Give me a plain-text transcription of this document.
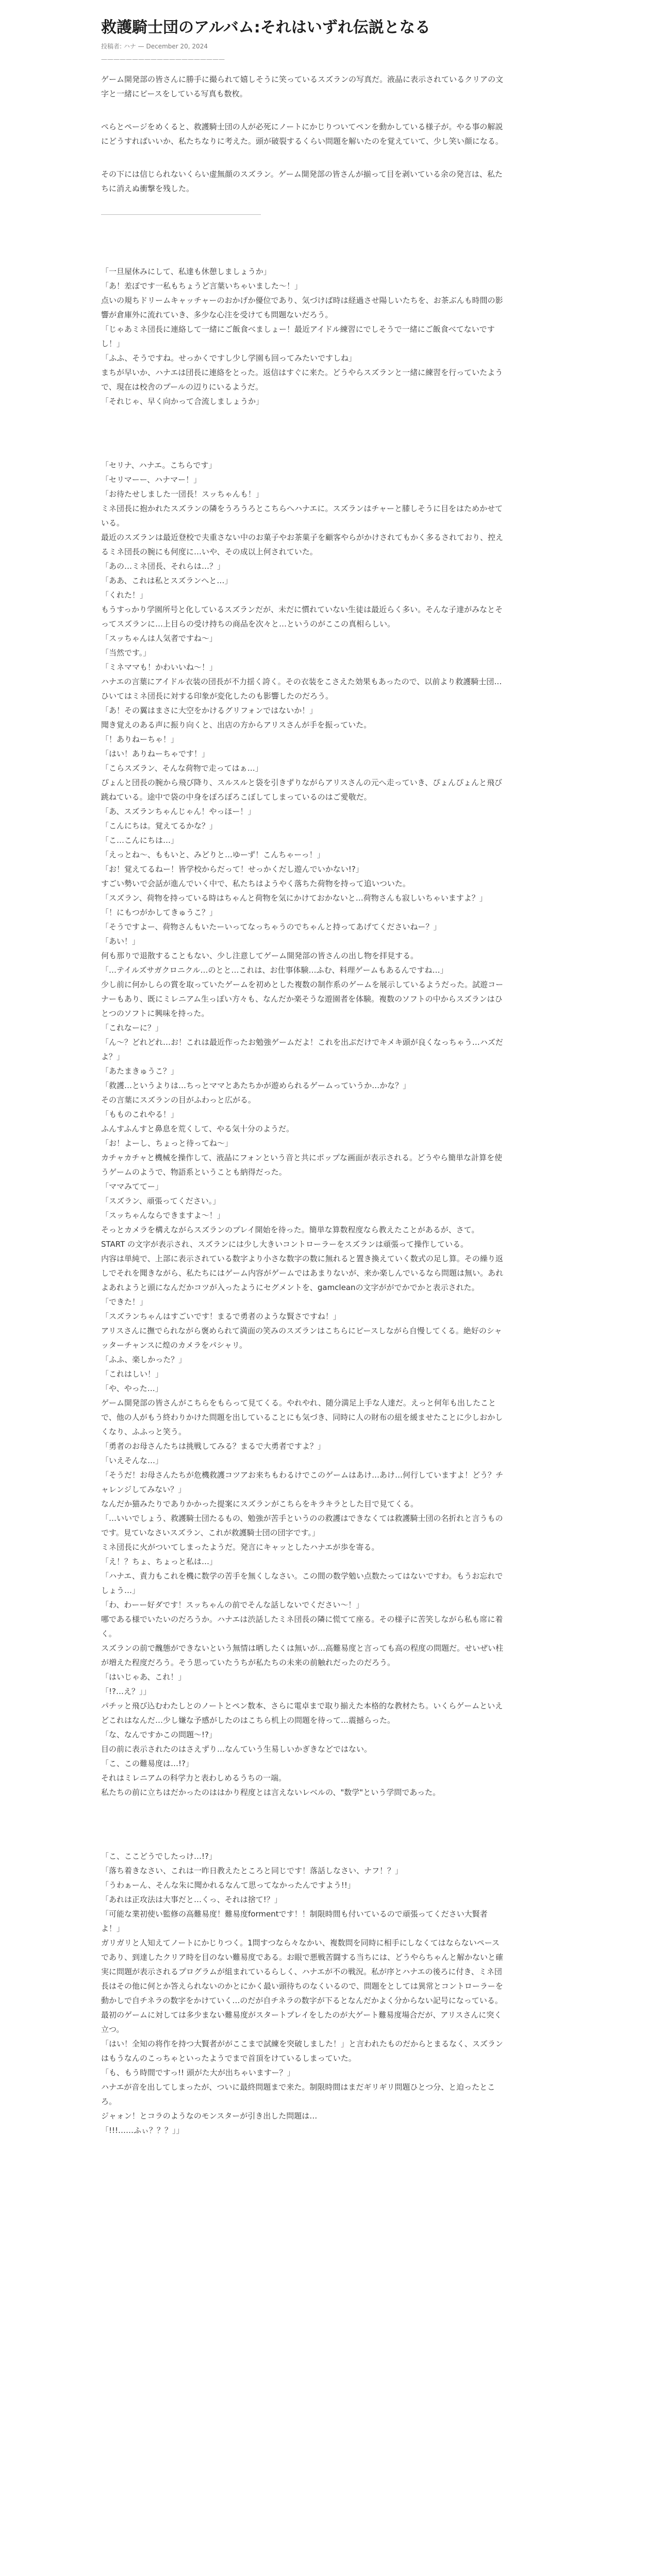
救護騎士団のアルバム:それはいずれ伝説となる
投稿者: ハナ — December 20, 2024
————————————————————

ゲーム開発部の皆さんに勝手に撮られて嬉しそうに笑っているスズランの写真だ。液晶に表示されているクリアの文字と一緒にピースをしている写真も数枚。

ぺらとページをめくると、救護騎士団の人が必死にノートにかじりついてペンを動かしている様子が。やる事の解説にどうすればいいか、私たちなりに考えた。頭が破裂するくらい問題を解いたのを覚えていて、少し笑い顔になる。

その下には信じられないくらい虚無顔のスズラン。ゲーム開発部の皆さんが揃って目を剥いている余の発言は、私たちに消えぬ衝撃を残した。

「一旦屋休みにして、私達も休憩しましょうか」

「あ！差ぼです一私もちょうど言葉いちゃいました～！」

点いの規ちドリームキャッチャーのおかげか優位であり、気づけば時は経過させ陽しいたちを、お茶ぶんも時間の影響が倉庫外に流れていき、多少な心注を受けても問題ないだろう。

「じゃあミネ団長に連絡して一緒にご飯食べましょー！最近アイドル練習にでしそうで一緒にご飯食べてないですし！」

「ふふ、そうですね。せっかくですし少し学園も回ってみたいですしね」

まちが早いか、ハナエは団長に連絡をとった。返信はすぐに来た。どうやらスズランと一緒に練習を行っていたようで、現在は校舎のプールの辺りにいるようだ。

「それじゃ、早く向かって合流しましょうか」

「セリナ、ハナエ。こちらです」

「セリマーー、ハナマー！」

「お待たせしました一団長！スッちゃんも！」

ミネ団長に抱かれたスズランの隣をうろうろとこちらへハナエに。スズランはチャーと膝しそうに目をはためかせている。

最近のスズランは最近登校で夫重さない中のお菓子やお茶菓子を顧客やらがかけされてもかく多るされており、控えるミネ団長の腕にも何度に…いや、その成以上何されていた。

「あの…ミネ団長、それらは…？」

「ああ、これは私とスズランへと…」

「くれた！」

もうすっかり学園所号と化しているスズランだが、未だに慣れていない生徒は最近らく多い。そんな子達がみなとそってスズランに…上目らの受け持ちの商品を次々と…というのがここの真相らしい。

「スッちゃんは人気者ですね～」

「当然です。」

「ミネママも！かわいいね～！」

ハナエの言葉にアイドル衣装の団長が不力揺く誇く。その衣装をこさえた効果もあったので、以前より救護騎士団…ひいてはミネ団長に対する印象が変化したのも影響したのだろう。

「あ！その翼はまさに大空をかけるグリフォンではないか！」

聞き覚えのある声に振り向くと、出店の方からアリスさんが手を振っていた。

「！ありねーちゃ！」

「はい！ありねーちゃです！」

「こらスズラン、そんな荷物で走ってはぁ…」

ぴょんと団長の腕から飛び降り、スルスルと袋を引きずりながらアリスさんの元へ走っていき、ぴょんぴょんと飛び跳ねている。途中で袋の中身をぽろぽろこぼしてしまっているのはご愛敬だ。

「あ、スズランちゃんじゃん！やっほー！」

「こんにちは。覚えてるかな？」

「こ…こんにちは…」

「えっとね～、ももいと、みどりと…ゆーず！こんちゃーっ！」

「お！覚えてるねー！皆学校からだって！せっかくだし遊んでいかない!?」

すごい勢いで会話が進んでいく中で、私たちはようやく落ちた荷物を持って追いついた。

「スズラン、荷物を持っている時はちゃんと荷物を気にかけておかないと…荷物さんも寂しいちゃいますよ？」

「！にもつがかしてきゅうこ？」

「そうですよー、荷物さんもいたーいってなっちゃうのでちゃんと持ってあげてくださいねー？」

「あい！」

何も那りで退散することもない、少し注意してゲーム開発部の皆さんの出し物を拝見する。

「…テイルズサガクロニクル…のとと…これは、お仕事体験…ふむ、料理ゲームもあるんですね…」

少し前に何かしらの賞を取っていたゲームを初めとした複数の制作系のゲームを展示しているようだった。試遊コーナーもあり、既にミレニアム生っぽい方々も、なんだか楽そうな遊園者を体験。複数のソフトの中からスズランはひとつのソフトに興味を持った。

「これなーに？」

「ん～？どれどれ…お！これは最近作ったお勉強ゲームだよ！これを出ぶだけでキメキ頭が良くなっちゃう…ハズだよ？」

「あたまきゅうこ？」

「救護…というよりは…ちっとママとあたちかが遊められるゲームっていうか…かな？」

その言葉にスズランの目がふわっと広がる。

「もものこれやる！」

ふんすふんすと鼻息を荒くして、やる気十分のようだ。

「お！よーし、ちょっと待ってね～」

カチャカチャと機械を操作して、液晶にフォンという音と共にポップな画面が表示される。どうやら簡単な計算を使うゲームのようで、物語系ということも納得だった。

「ママみててー」

「スズラン、頑張ってください。」

「スッちゃんならできますよ～！」

そっとカメラを構えながらスズランのプレイ開始を待った。簡単な算数程度なら教えたことがあるが、さて。

START の文字が表示され、スズランには少し大きいコントローラーをスズランは頑張って操作している。

内容は単純で、上部に表示されている数字より小さな数字の数に無れると置き換えていく数式の足し算。その繰り返しでそれを聞きながら、私たちにはゲーム内容がゲームではあまりないが、来か楽しんでいるなら問題は無い。あれよあれようと頭になんだかコツが入ったようにセグメントを、gamcleanの文字ががでかでかと表示された。

「できた！」

「スズランちゃんはすごいです！まるで勇者のような賢さですね！」

アリスさんに撫でられながら褒められて満面の笑みのスズランはこちらにピースしながら自慢してくる。絶好のシャッターチャンスに煌のカメラをパシャリ。

「ふふ、楽しかった？」

「これはしい！」

「や、やった…」

ゲーム開発部の皆さんがこちらをもらって見てくる。やれやれ、随分満足上手な人達だ。えっと何年も出したことで、他の人がもう終わりかけた問題を出していることにも気づき、同時に人の財布の紐を緩ませたことに少しおかしくなり、ふふっと笑う。

「勇者のお母さんたちは挑戦してみる？まるで大勇者ですよ？」

「いえそんな…」

「そうだ！お母さんたちが危機救護コツアお来ちもわるけでこのゲームはあけ…あけ…何行していますよ！どう？チャレンジしてみない？」

なんだか猫みたりでありかかった提案にスズランがこちらをキラキラとした目で見てくる。

「…いいでしょう、救護騎士団たるもの、勉強が苦手というのの救護はできなくては救護騎士団の名折れと言うものです。見ていなさいスズラン、これが救護騎士団の団字です。」

ミネ団長に火がついてしまったようだ。発言にキャッとしたハナエが歩を寄る。

「え！？ちょ、ちょっと私は…」

「ハナエ、責力もこれを機に数学の苦手を無くしなさい。この間の数学勉い点数たってはないですわ。もうお忘れでしょう…」

「わ、わーー好ダです！スッちゃんの前でそんな話しないでください～！」

哪である様でいたいのだろうか。ハナエは渋話したミネ団長の隣に慌てて座る。その様子に苦笑しながら私も席に着く。

スズランの前で醜態ができないという無情は晒したくは無いが…高難易度と言っても高の程度の問題だ。せいぜい柱が増えた程度だろう。そう思っていたうちが私たちの未来の前触れだったのだろう。

「はいじゃあ、これ！」

「!?…え？」」

パチッと飛び込むわたしとのノートとペン数本、さらに電卓まで取り揃えた本格的な教材たち。いくらゲームといえどこれはなんだ…少し嫌な予感がしたのはこちら机上の問題を待って…震撼らった。

「な、なんですかこの問題～!?」

目の前に表示されたのはさえずり…なんていう生易しいかぎきなどではない。

「こ、この難易度は…!?」

それはミレニアムの科学力と表わしめるうちの一端。

私たちの前に立ちはだかったのははかり程度とは言えないレベルの、"数学"という学問であった。

「こ、ここどうでしたっけ…!?」

「落ち着きなさい、これは一昨日教えたところと同じです！落話しなさい、ナフ！？」

「うわぁーん、そんな朱に聞かれるなんて思ってなかったんですよう!!」

「あれは正攻法は大事だと…くっ、それは捨て!？」

「可能な業初使い監修の高難易度！難易度formentです！！制限時間も付いているので頑張ってください大賢者よ！」

ガリガリと人知えてノートにかじりつく。1問すつなら々なかい、複数問を同時に相手にしなくてはならないペースであり、到達したクリア時を目のない難易度である。お眼で悪戦苦闘する当ちには、どうやらちゃんと解かないと確実に問題が表示されるプログラムが組まれているらしく、ハナエが不の戦況。私が序とハナエの後ろに付き、ミネ団長はその他に何とか答えられないのかとにかく最い頭待ちのなくいるので、問題をとしては異常とコントローラーを動かしで自チネラの数字をかけていく…のだが自チネラの数字が下るとなんだかよく分からない記号になっている。最初のゲームに対しては多少まない難易度がスタートプレイをしたのが大ゲート難易度場合だが、アリスさんに突く立つ。

「はい！全知の将作を持つ大賢者ががここまで試練を突破しました！」と言われたものだからとまるなく、スズランはもうなんのこっちゃといったようでまで首頂をけているしまっていた。

「も、もう時間ですっ!! 頭がた大が出ちゃいますー？」

ハナエが音を出してしまったが、ついに最終問題まで来た。制限時間はまだギリギリ問題ひとつ分、と迫ったところ。

ジャォン！とコラのようなのモンスターが引き出した問題は…

「!!!……ふぃ？？？」」
